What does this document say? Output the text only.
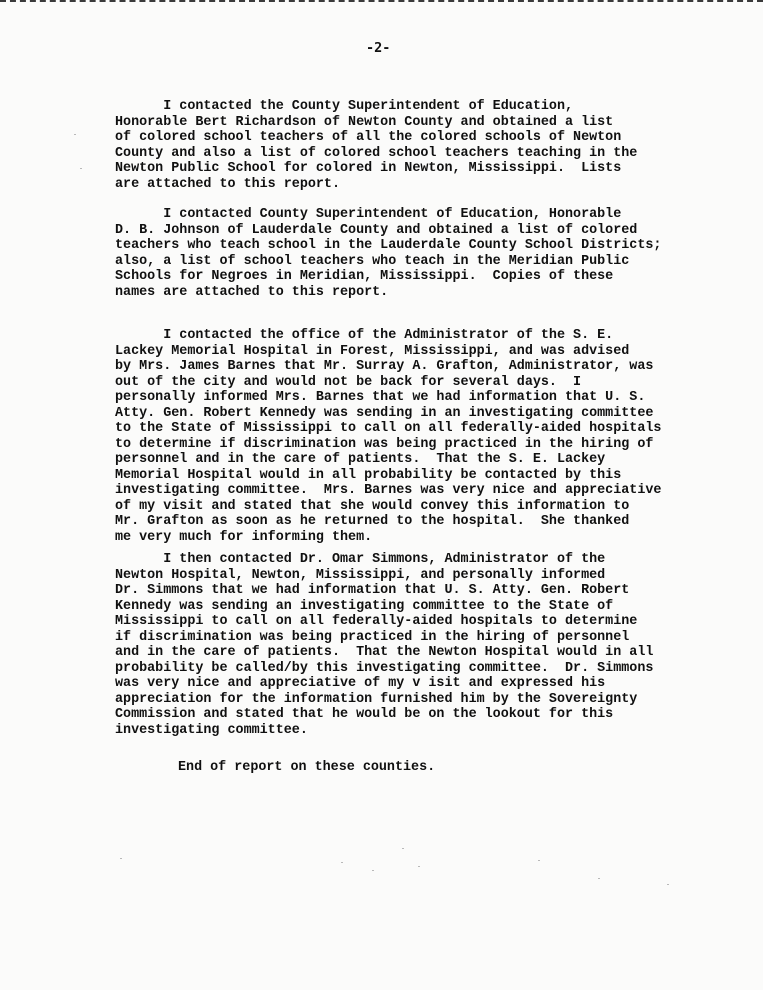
-2-
I contacted the County Superintendent of Education,
Honorable Bert Richardson of Newton County and obtained a list
of colored school teachers of all the colored schools of Newton
County and also a list of colored school teachers teaching in the
Newton Public School for colored in Newton, Mississippi.  Lists
are attached to this report.
I contacted County Superintendent of Education, Honorable
D. B. Johnson of Lauderdale County and obtained a list of colored
teachers who teach school in the Lauderdale County School Districts;
also, a list of school teachers who teach in the Meridian Public
Schools for Negroes in Meridian, Mississippi.  Copies of these
names are attached to this report.
I contacted the office of the Administrator of the S. E.
Lackey Memorial Hospital in Forest, Mississippi, and was advised
by Mrs. James Barnes that Mr. Surray A. Grafton, Administrator, was
out of the city and would not be back for several days.  I
personally informed Mrs. Barnes that we had information that U. S.
Atty. Gen. Robert Kennedy was sending in an investigating committee
to the State of Mississippi to call on all federally-aided hospitals
to determine if discrimination was being practiced in the hiring of
personnel and in the care of patients.  That the S. E. Lackey
Memorial Hospital would in all probability be contacted by this
investigating committee.  Mrs. Barnes was very nice and appreciative
of my visit and stated that she would convey this information to
Mr. Grafton as soon as he returned to the hospital.  She thanked
me very much for informing them.
I then contacted Dr. Omar Simmons, Administrator of the
Newton Hospital, Newton, Mississippi, and personally informed
Dr. Simmons that we had information that U. S. Atty. Gen. Robert
Kennedy was sending an investigating committee to the State of
Mississippi to call on all federally-aided hospitals to determine
if discrimination was being practiced in the hiring of personnel
and in the care of patients.  That the Newton Hospital would in all
probability be called/by this investigating committee.  Dr. Simmons
was very nice and appreciative of my v isit and expressed his
appreciation for the information furnished him by the Sovereignty
Commission and stated that he would be on the lookout for this
investigating committee.
End of report on these counties.
